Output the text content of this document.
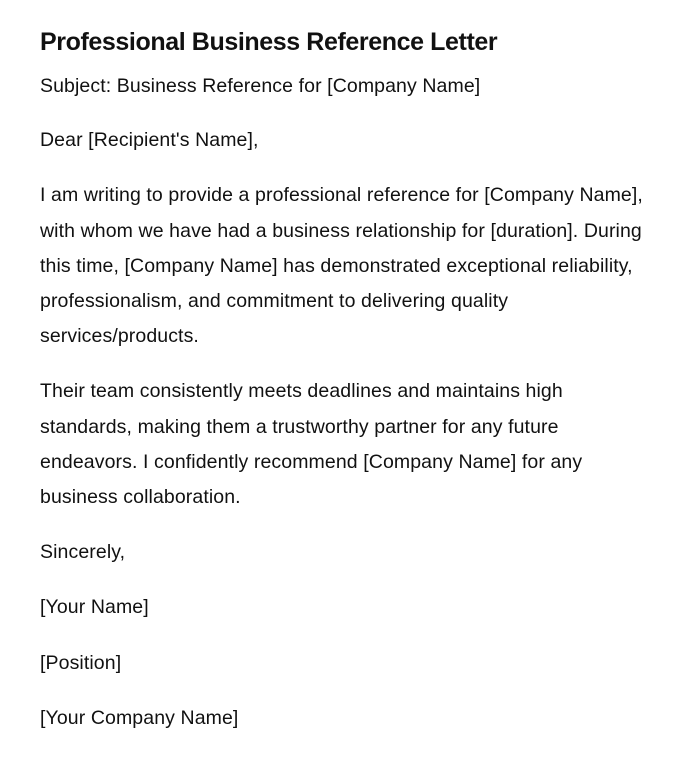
Professional Business Reference Letter

Subject: Business Reference for [Company Name]

Dear [Recipient's Name],

I am writing to provide a professional reference for [Company Name], with whom we have had a business relationship for [duration]. During this time, [Company Name] has demonstrated exceptional reliability, professionalism, and commitment to delivering quality services/products.

Their team consistently meets deadlines and maintains high standards, making them a trustworthy partner for any future endeavors. I confidently recommend [Company Name] for any business collaboration.

Sincerely,

[Your Name]

[Position]

[Your Company Name]
